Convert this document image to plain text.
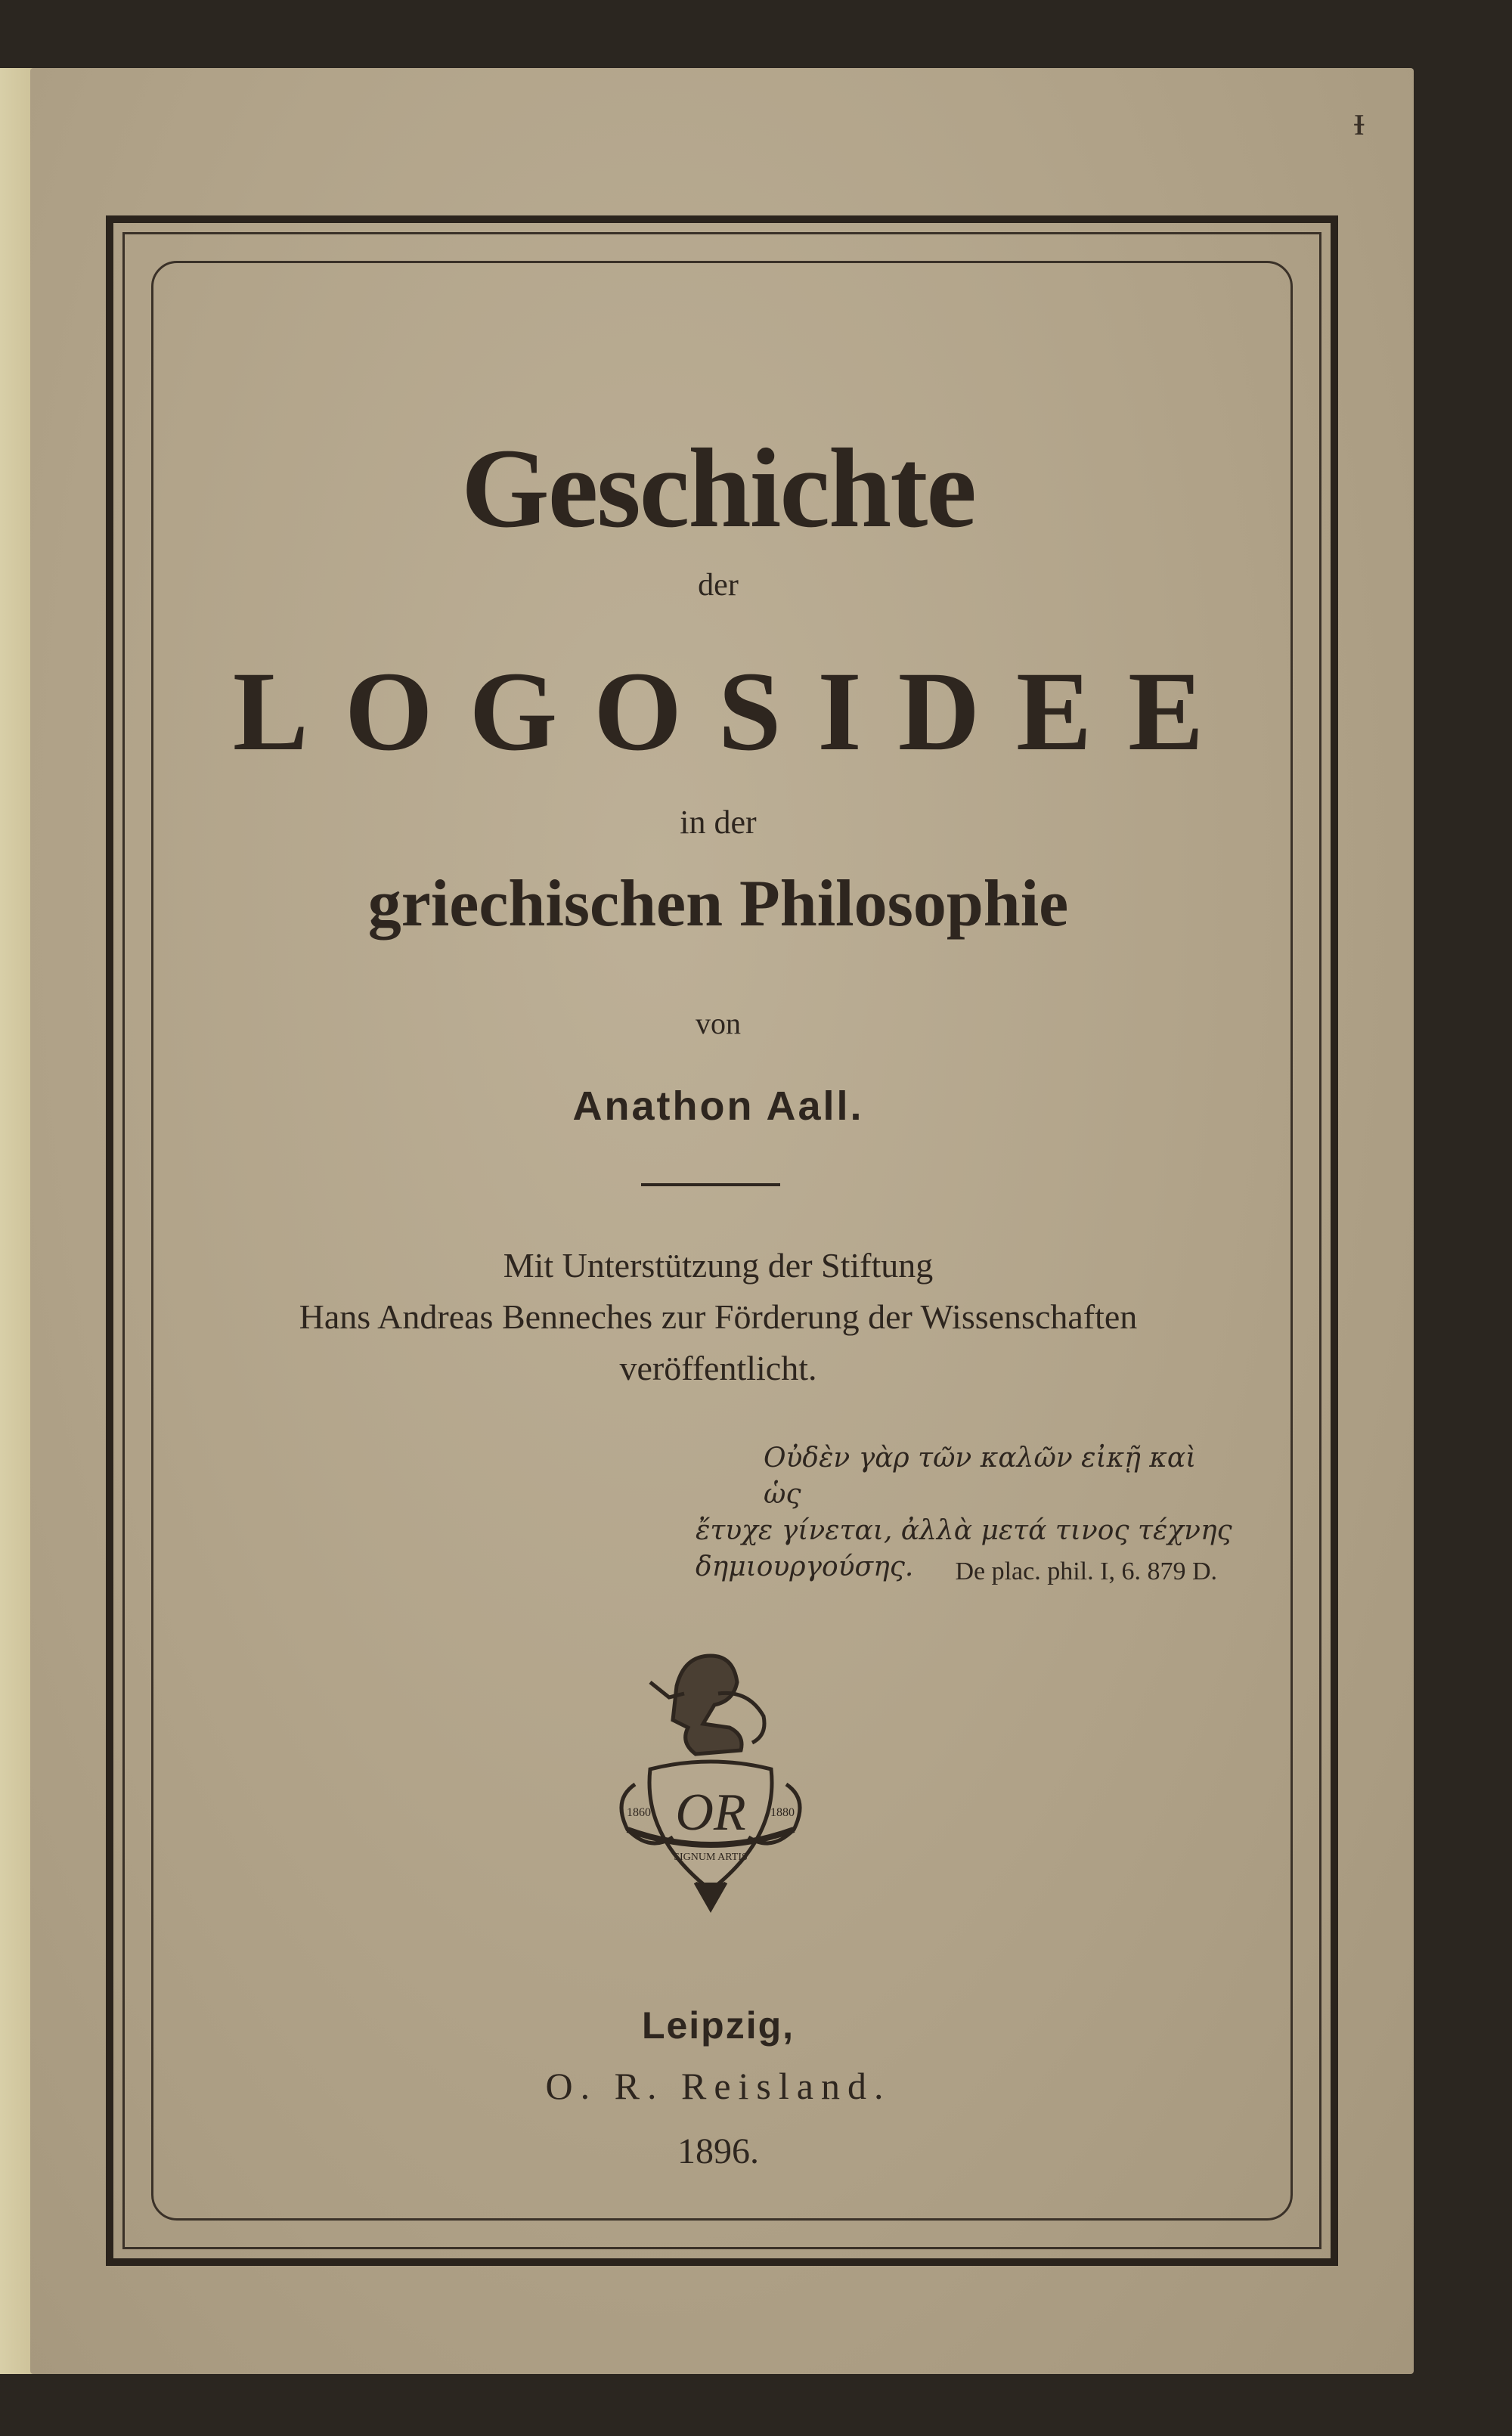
ᵻ
Geschichte

der

LOGOSIDEE

in der

griechischen Philosophie

von

Anathon Aall.

Mit Unterstützung der Stiftung
Hans Andreas Benneches zur Förderung der Wissenschaften
veröffentlicht.

Οὐδὲν γὰρ τῶν καλῶν εἰκῇ καὶ ὡς
ἔτυχε γίνεται, ἀλλὰ μετά τινος τέχνης
δημιουργούσης.	De plac. phil. I, 6. 879 D.

OR
1860	1880
SIGNUM ARTIS

Leipzig,

O. R. Reisland.

1896.
